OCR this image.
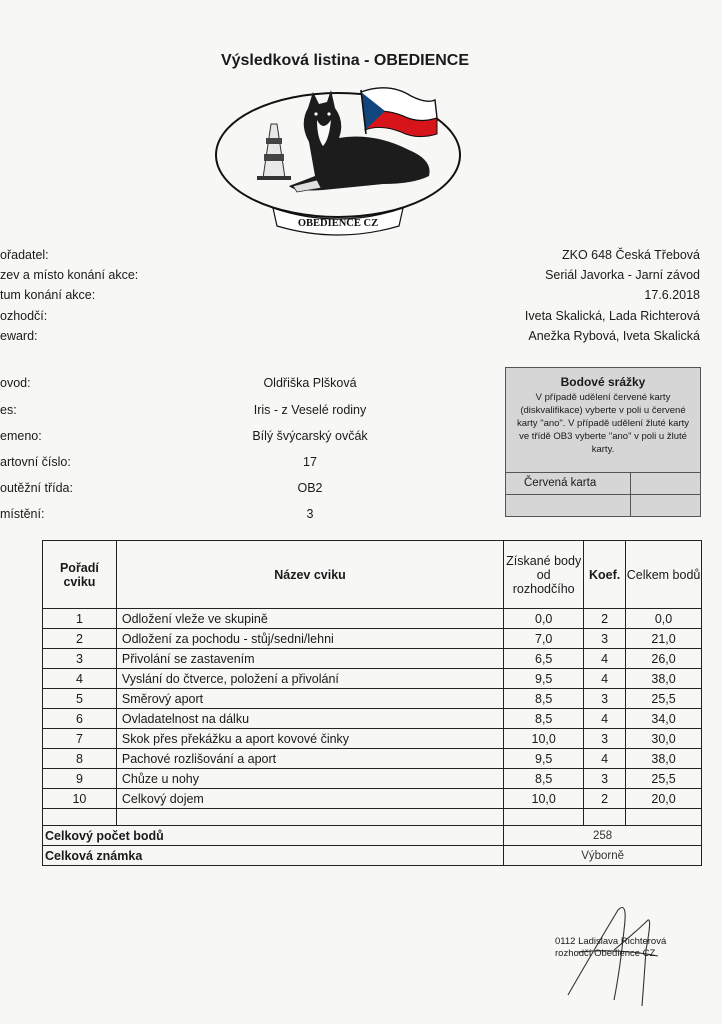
Výsledková listina - OBEDIENCE
OBEDIENCE CZ
ořadatel:	ZKO 648 Česká Třebová
zev a místo konání akce:	Seriál Javorka - Jarní závod
tum konání akce:	17.6.2018
ozhodčí:	Iveta Skalická, Lada Richterová
eward:	Anežka Rybová, Iveta Skalická
ovod:	Oldřiška Plšková
es:	Iris - z Veselé rodiny
emeno:	Bílý švýcarský ovčák
artovní číslo:	17
outěžní třída:	OB2
místění:	3
Bodové srážky
V případě udělení červené karty (diskvalifikace) vyberte v poli u červené karty "ano". V případě udělení žluté karty ve třídě OB3 vyberte "ano" v poli u žluté karty.
Červená karta
Pořadí cviku	Název cviku	Získané body od rozhodčího	Koef.	Celkem bodů
1	Odložení vleže ve skupině	0,0	2	0,0
2	Odložení za pochodu - stůj/sedni/lehni	7,0	3	21,0
3	Přivolání se zastavením	6,5	4	26,0
4	Vyslání do čtverce, položení a přivolání	9,5	4	38,0
5	Směrový aport	8,5	3	25,5
6	Ovladatelnost na dálku	8,5	4	34,0
7	Skok přes překážku a aport kovové činky	10,0	3	30,0
8	Pachové rozlišování a aport	9,5	4	38,0
9	Chůze u nohy	8,5	3	25,5
10	Celkový dojem	10,0	2	20,0

Celkový počet bodů		258		
Celková známka		Výborně		
0112 Ladislava Richterová
rozhodčí Obedience CZ
